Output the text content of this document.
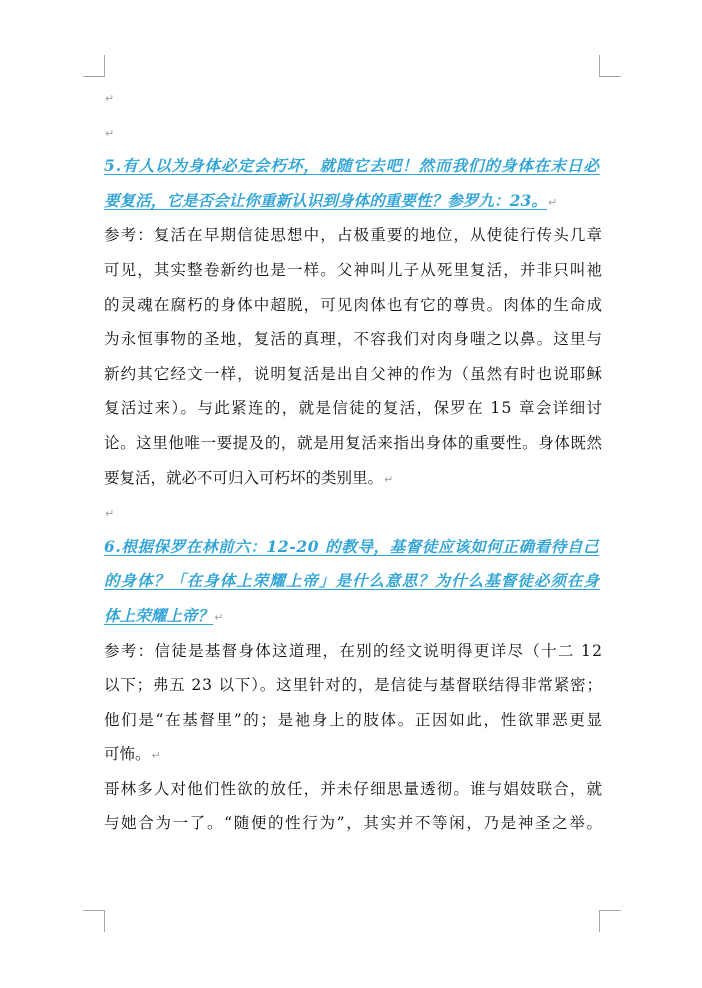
↵
↵
5.有人以为身体必定会朽坏，就随它去吧！然而我们的身体在末日必
要复活，它是否会让你重新认识到身体的重要性？参罗九：23。↵
参考：复活在早期信徒思想中，占极重要的地位，从使徒行传头几章
可见，其实整卷新约也是一样。父神叫儿子从死里复活，并非只叫祂
的灵魂在腐朽的身体中超脱，可见肉体也有它的尊贵。肉体的生命成
为永恒事物的圣地，复活的真理，不容我们对肉身嗤之以鼻。这里与
新约其它经文一样，说明复活是出自父神的作为（虽然有时也说耶稣
复活过来）。与此紧连的，就是信徒的复活，保罗在 15 章会详细讨
论。这里他唯一要提及的，就是用复活来指出身体的重要性。身体既然
要复活，就必不可归入可朽坏的类别里。↵
↵
6.根据保罗在林前六：12-20 的教导，基督徒应该如何正确看待自己
的身体？「在身体上荣耀上帝」是什么意思？为什么基督徒必须在身
体上荣耀上帝？↵
参考：信徒是基督身体这道理，在别的经文说明得更详尽（十二 12
以下；弗五 23 以下）。这里针对的，是信徒与基督联结得非常紧密；
他们是“在基督里”的；是祂身上的肢体。正因如此，性欲罪恶更显
可怖。↵
哥林多人对他们性欲的放任，并未仔细思量透彻。谁与娼妓联合，就
与她合为一了。“随便的性行为”，其实并不等闲，乃是神圣之举。
